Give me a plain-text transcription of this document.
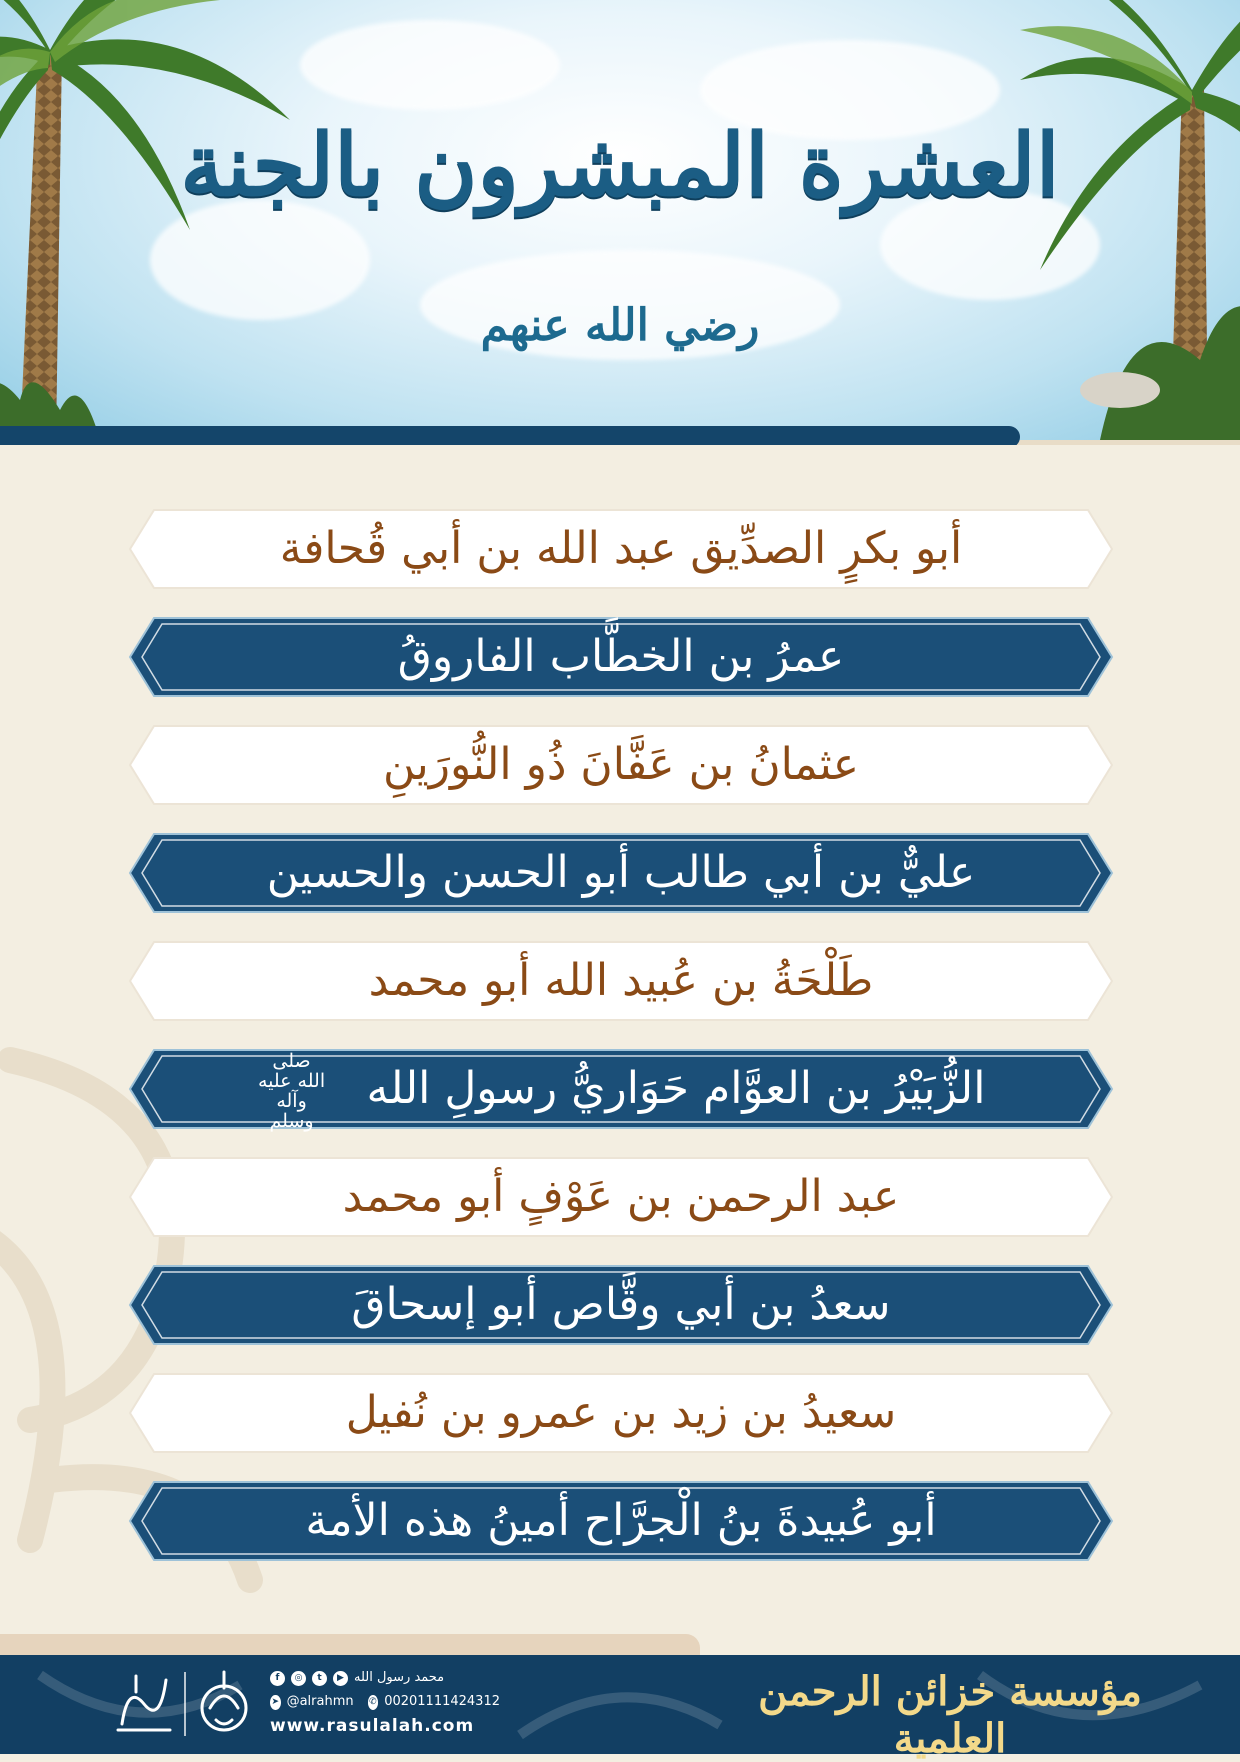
العشرة المبشرون بالجنة
رضي الله عنهم
أبو بكرٍ الصدِّيق عبد الله بن أبي قُحافة
عمرُ بن الخطَّاب الفاروقُ
عثمانُ بن عَفَّانَ ذُو النُّورَينِ
عليٌّ بن أبي طالب أبو الحسن والحسين
طَلْحَةُ بن عُبيد الله أبو محمد
الزُّبَيْرُ بن العوَّام حَوَاريُّ رسولِ الله صلى الله عليه وآله وسلم
عبد الرحمن بن عَوْفٍ أبو محمد
سعدُ بن أبي وقَّاص أبو إسحاقَ
سعيدُ بن زيد بن عمرو بن نُفيل
أبو عُبيدةَ بنُ الْجرَّاح أمينُ هذه الأمة
مؤسسة خزائن الرحمن العلمية
f	◎	t	▶ محمد رسول الله
➤ @alrahmn ✆ 00201111424312
www.rasulalah.com
